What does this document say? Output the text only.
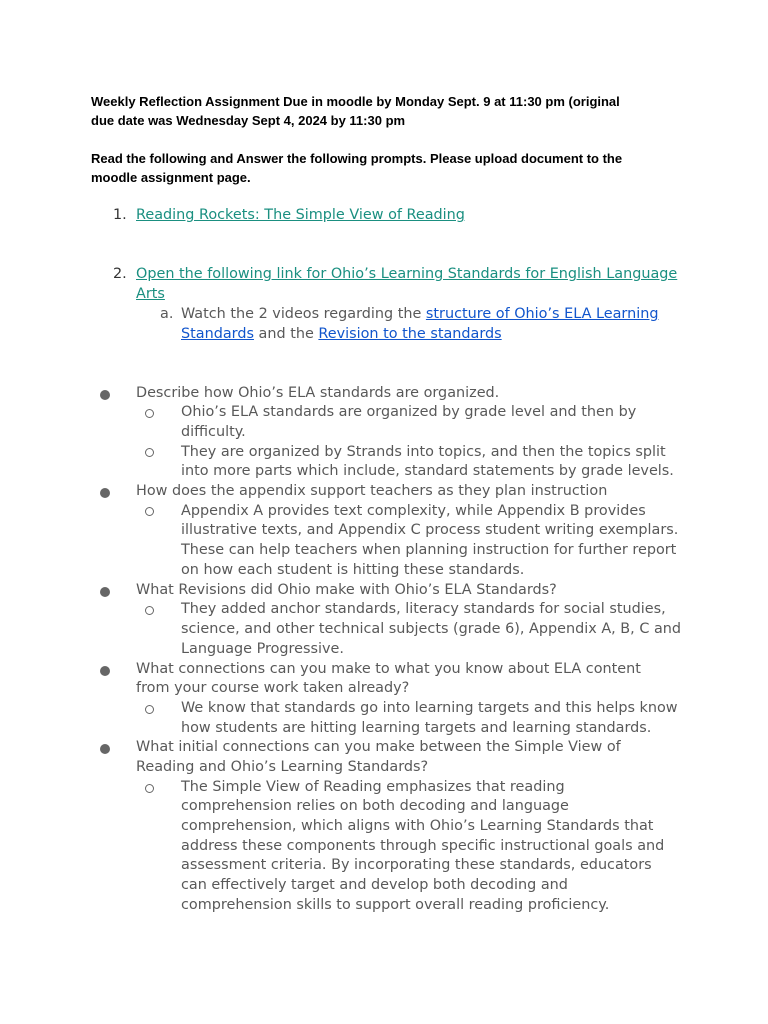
Weekly Reflection Assignment Due in moodle by Monday Sept. 9 at 11:30 pm (original
due date was Wednesday Sept 4, 2024 by 11:30 pm
Read the following and Answer the following prompts. Please upload document to the
moodle assignment page.
1. Reading Rockets: The Simple View of Reading
2. Open the following link for Ohio’s Learning Standards for English Language
Arts
a. Watch the 2 videos regarding the structure of Ohio’s ELA Learning
Standards and the Revision to the standards
Describe how Ohio’s ELA standards are organized.
Ohio’s ELA standards are organized by grade level and then by
difficulty.
They are organized by Strands into topics, and then the topics split
into more parts which include, standard statements by grade levels.
How does the appendix support teachers as they plan instruction
Appendix A provides text complexity, while Appendix B provides
illustrative texts, and Appendix C process student writing exemplars.
These can help teachers when planning instruction for further report
on how each student is hitting these standards.
What Revisions did Ohio make with Ohio’s ELA Standards?
They added anchor standards, literacy standards for social studies,
science, and other technical subjects (grade 6), Appendix A, B, C and
Language Progressive.
What connections can you make to what you know about ELA content
from your course work taken already?
We know that standards go into learning targets and this helps know
how students are hitting learning targets and learning standards.
What initial connections can you make between the Simple View of
Reading and Ohio’s Learning Standards?
The Simple View of Reading emphasizes that reading
comprehension relies on both decoding and language
comprehension, which aligns with Ohio’s Learning Standards that
address these components through specific instructional goals and
assessment criteria. By incorporating these standards, educators
can effectively target and develop both decoding and
comprehension skills to support overall reading proficiency.
